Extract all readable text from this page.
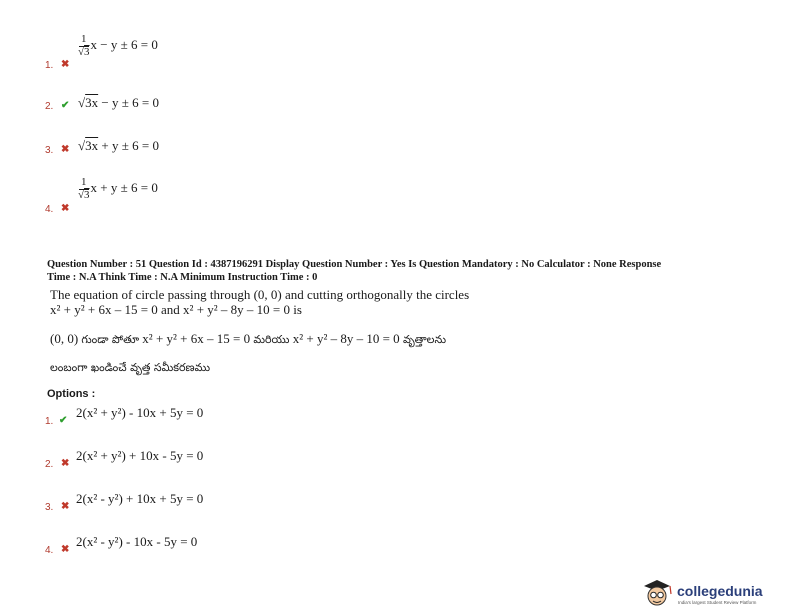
1. ✖
$\frac{1}{√3}$ x − y ± 6 = 0
2. ✔ √3x − y ± 6 = 0
3. ✖ √3x + y ± 6 = 0
4. ✖
$\frac{1}{√3}$ x + y ± 6 = 0
Question Number : 51 Question Id : 4387196291 Display Question Number : Yes Is Question Mandatory : No Calculator : None Response
Time : N.A Think Time : N.A Minimum Instruction Time : 0
The equation of circle passing through (0, 0) and cutting orthogonally the circles
x² + y² + 6x – 15 = 0 and x² + y² – 8y – 10 = 0 is
(0, 0) గుండా పోతూ x² + y² + 6x – 15 = 0 మరియు x² + y² – 8y – 10 = 0 వృత్తాలను
లంబంగా ఖండించే వృత్త సమీకరణము
Options :
1. ✔
2(x² + y²) - 10x + 5y = 0
2. ✖
2(x² + y²) + 10x - 5y = 0
3. ✖
2(x² - y²) + 10x + 5y = 0
4. ✖
2(x² - y²) - 10x - 5y = 0
collegedunia
India's largest Student Review Platform
